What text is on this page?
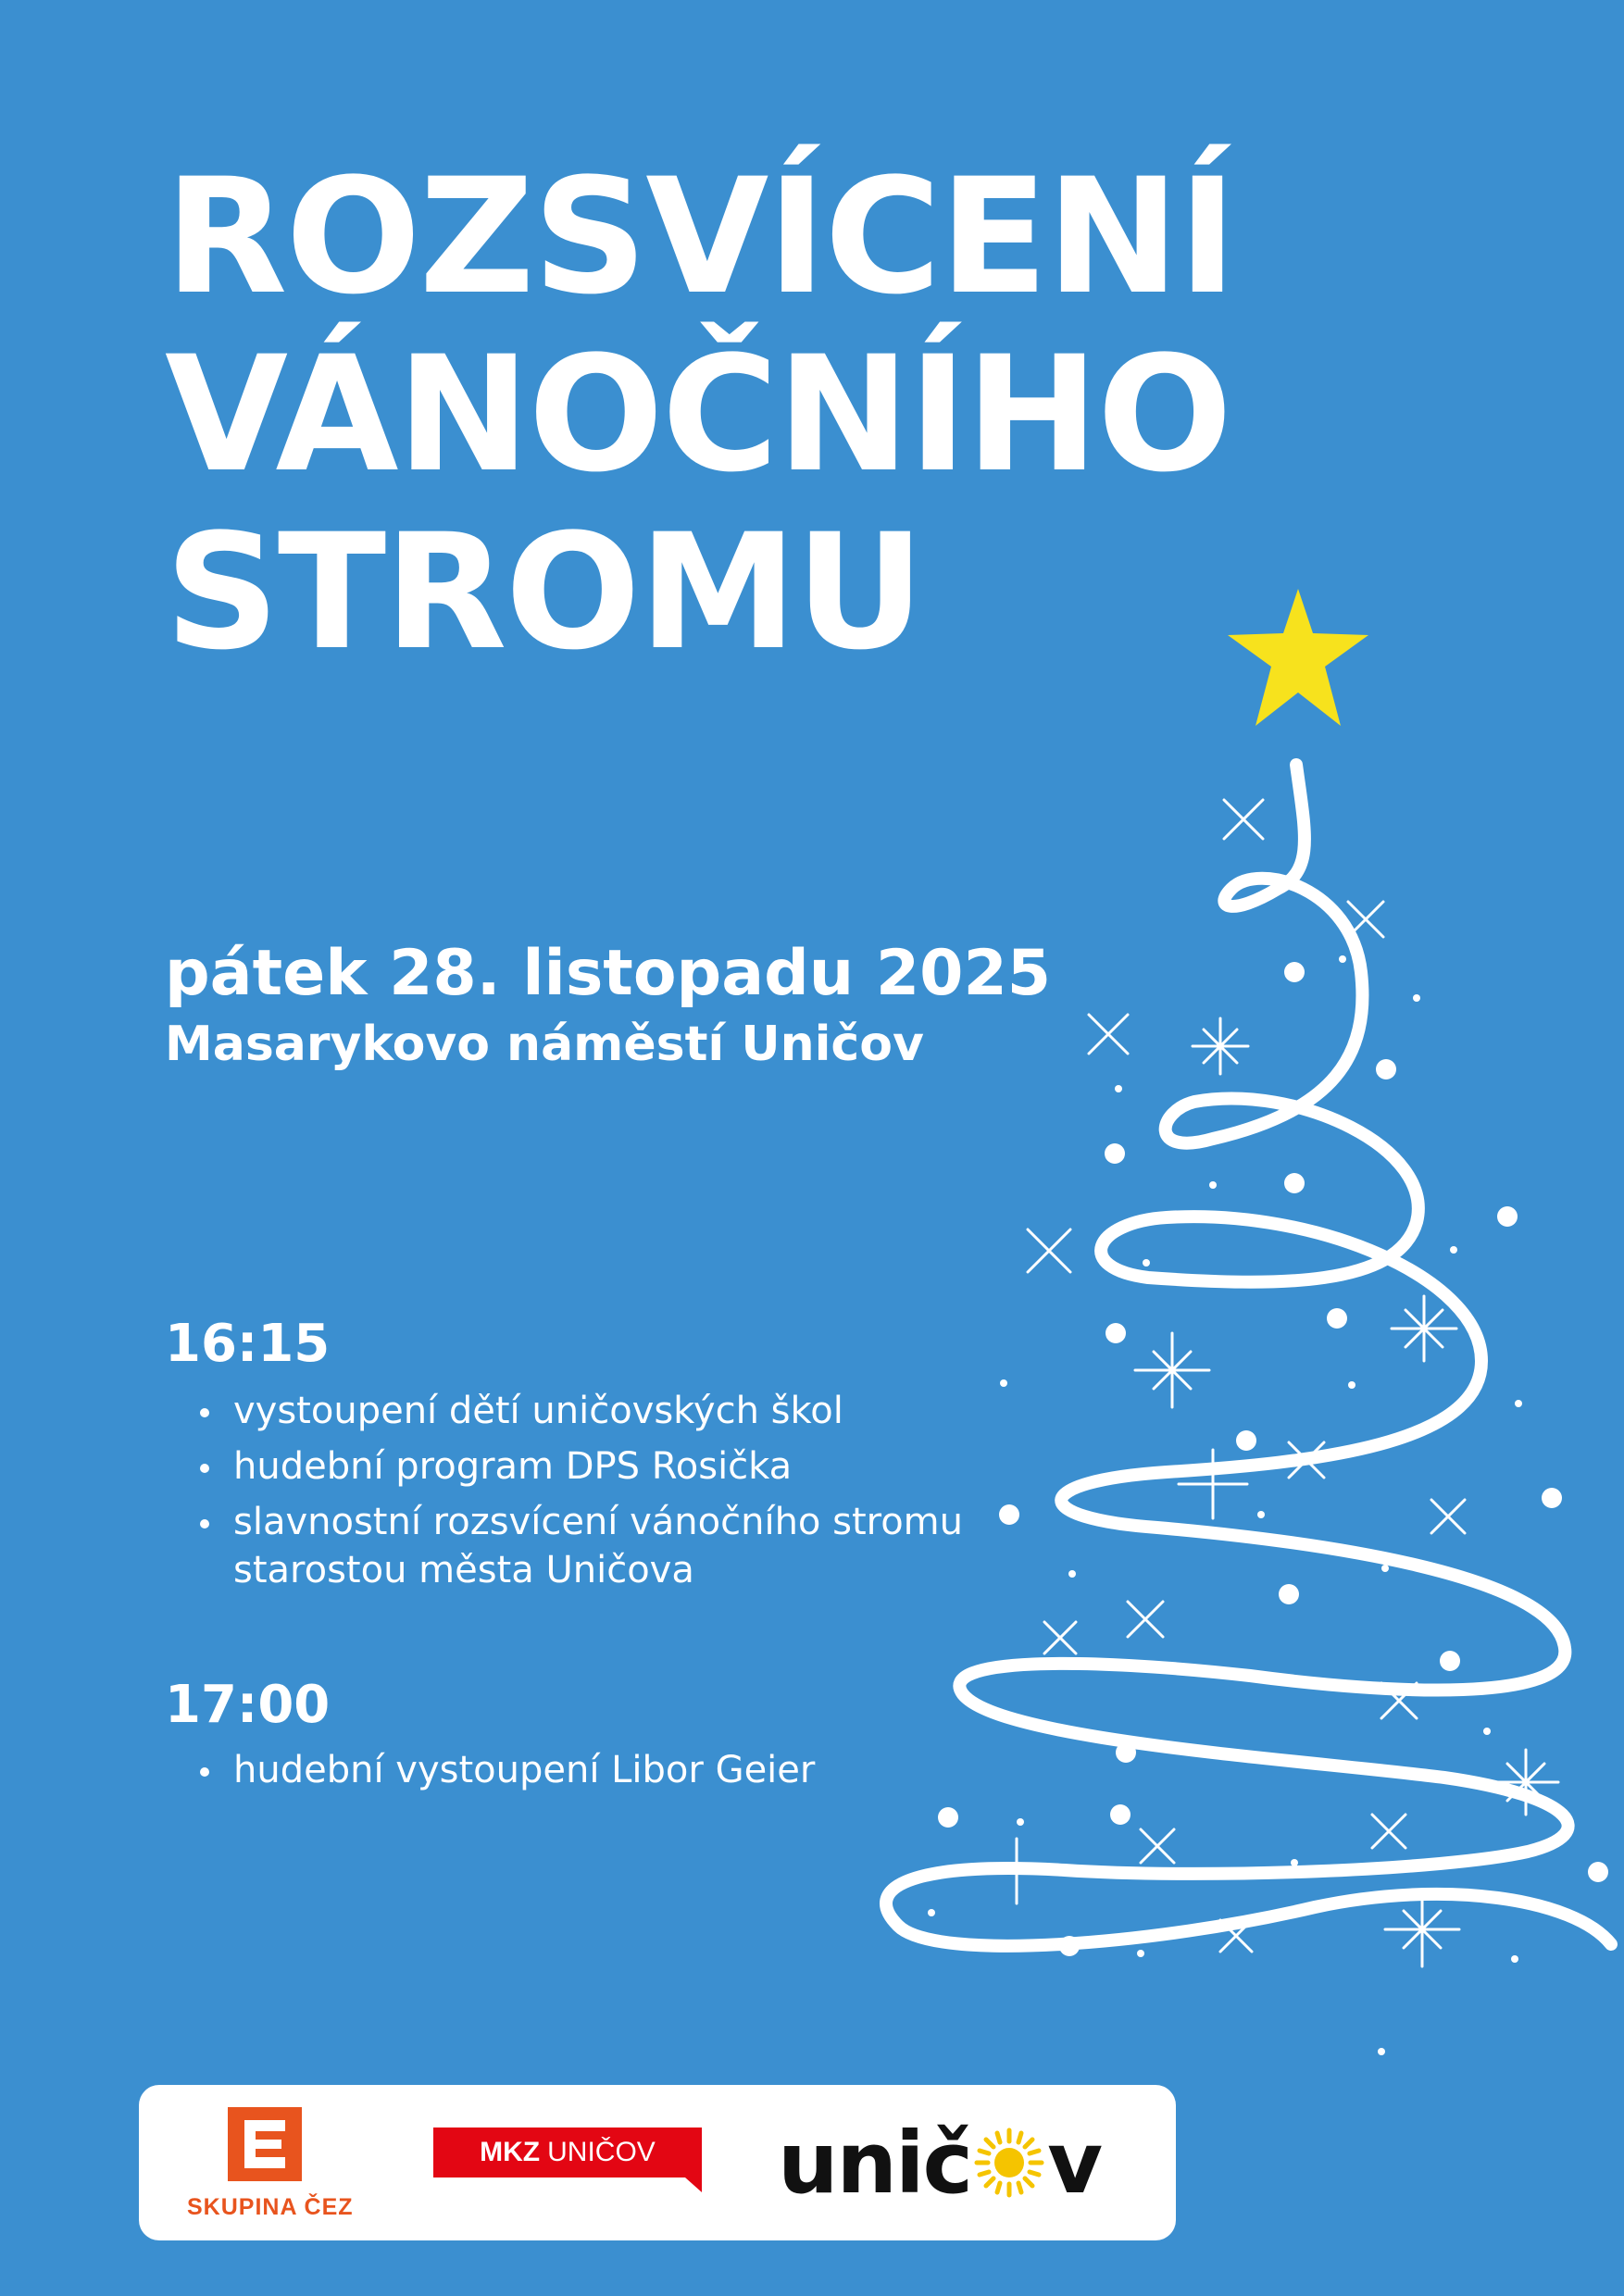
ROZSVÍCENÍ
VÁNOČNÍHO
STROMU
pátek 28. listopadu 2025
Masarykovo náměstí Uničov
16:15
vystoupení dětí uničovských škol
hudební program DPS Rosička
slavnostní rozsvícení vánočního stromu starostou města Uničova
17:00
hudební vystoupení Libor Geier
SKUPINA ČEZ
MKZ UNIČOV uni č v
